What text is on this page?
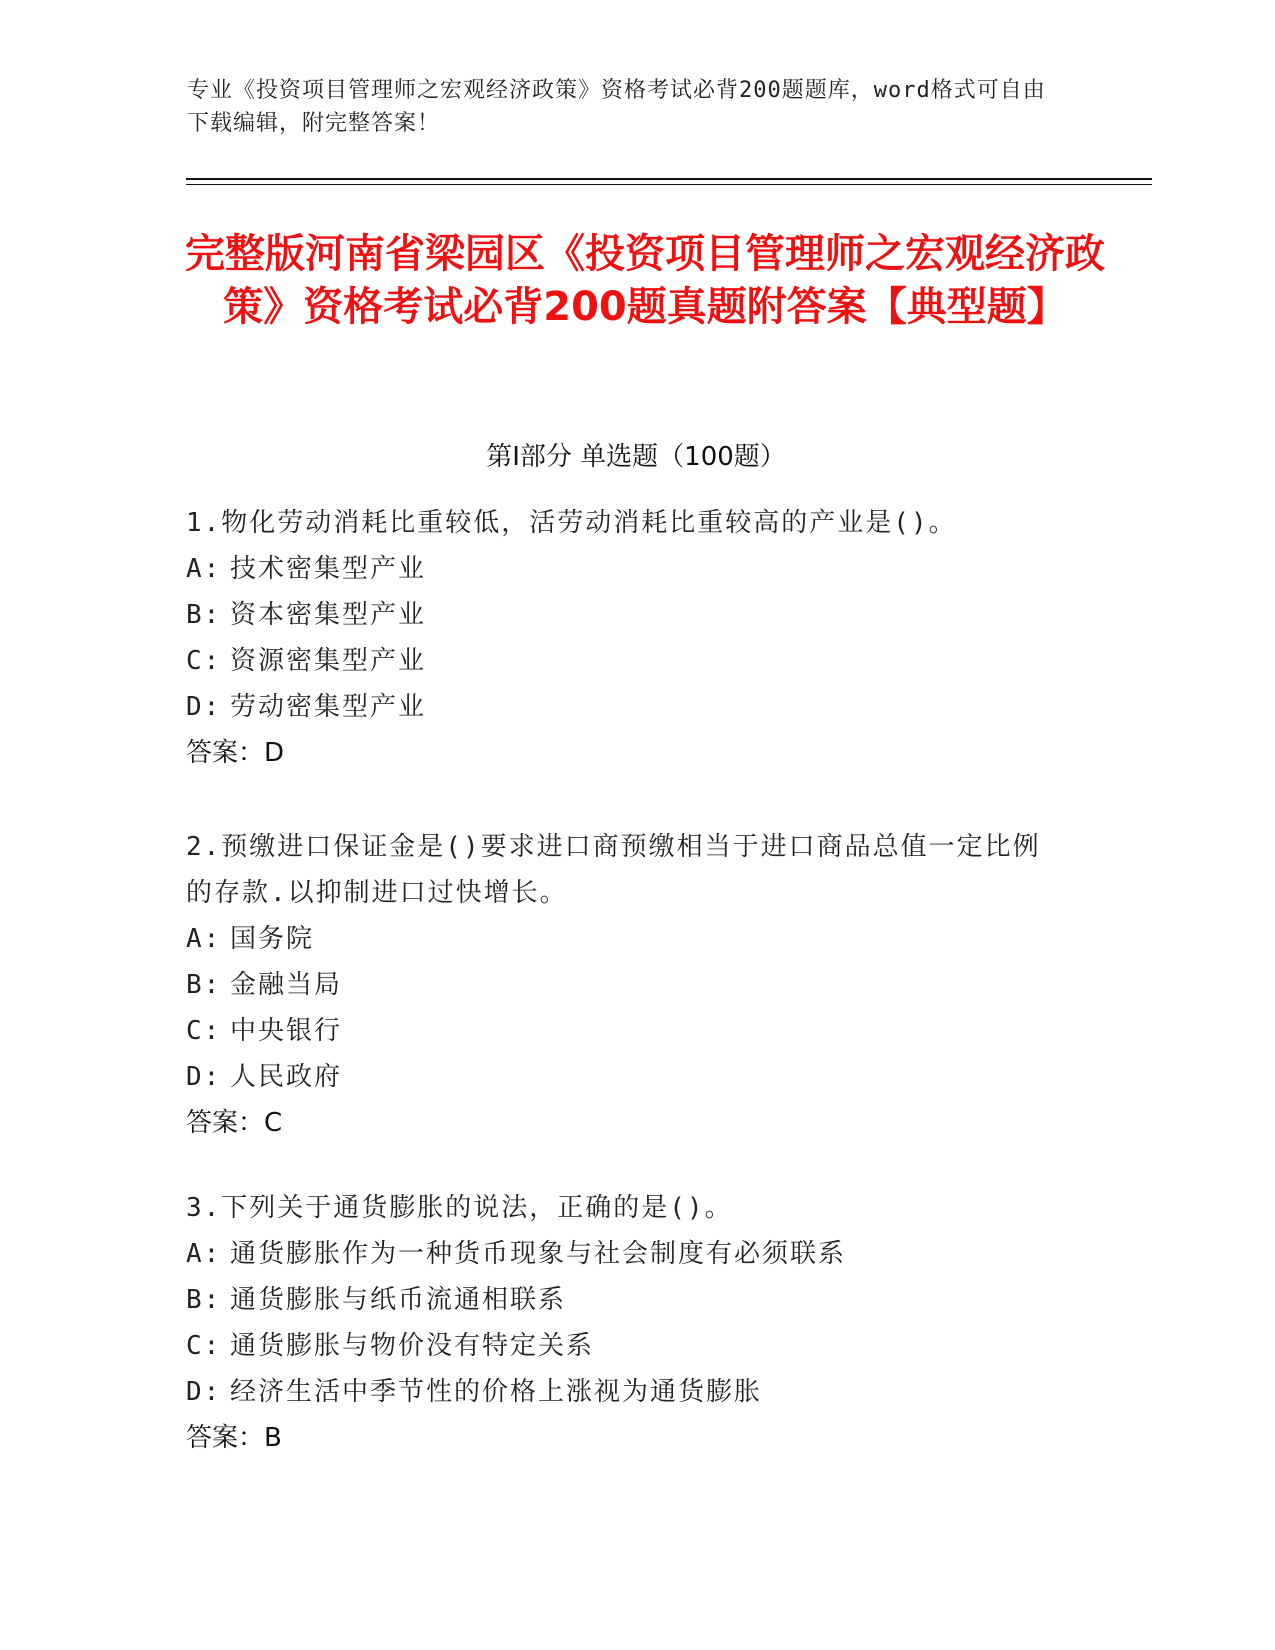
专业《投资项目管理师之宏观经济政策》资格考试必背200题题库，word格式可自由下载编辑，附完整答案！
完整版河南省梁园区《投资项目管理师之宏观经济政策》资格考试必背200题真题附答案【典型题】
第Ⅰ部分 单选题（100题）
1.物化劳动消耗比重较低，活劳动消耗比重较高的产业是()。
A: 技术密集型产业
B: 资本密集型产业
C: 资源密集型产业
D: 劳动密集型产业
答案：D
2.预缴进口保证金是()要求进口商预缴相当于进口商品总值一定比例的存款.以抑制进口过快增长。
A: 国务院
B: 金融当局
C: 中央银行
D: 人民政府
答案：C
3.下列关于通货膨胀的说法，正确的是()。
A: 通货膨胀作为一种货币现象与社会制度有必须联系
B: 通货膨胀与纸币流通相联系
C: 通货膨胀与物价没有特定关系
D: 经济生活中季节性的价格上涨视为通货膨胀
答案：B
